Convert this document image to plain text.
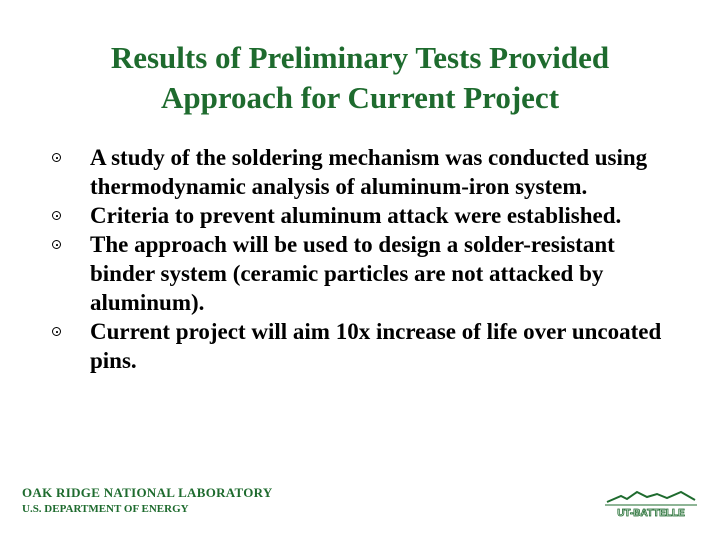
Results of Preliminary Tests Provided
Approach for Current Project
A study of the soldering mechanism was conducted using thermodynamic analysis of aluminum-iron system.
Criteria to prevent aluminum attack were established.
The approach will be used to design a solder-resistant binder system (ceramic particles are not attacked by aluminum).
Current project will aim 10x increase of life over uncoated pins.
OAK RIDGE NATIONAL LABORATORY
U.S. DEPARTMENT OF ENERGY	UT-BATTELLE
